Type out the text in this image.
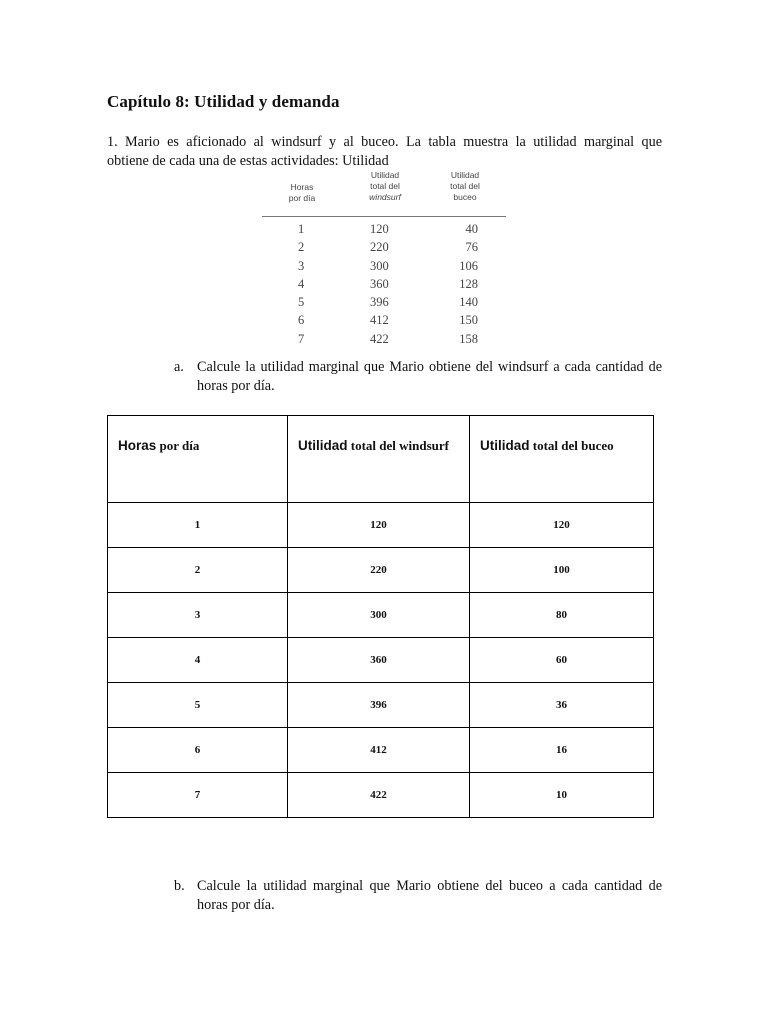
Capítulo 8: Utilidad y demanda
1. Mario es aficionado al windsurf y al buceo. La tabla muestra la utilidad marginal que
obtiene de cada una de estas actividades: Utilidad
Horas
por día
Utilidad
total del
windsurf
Utilidad
total del
buceo
1	120	40
2	220	76
3	300	106
4	360	128
5	396	140
6	412	150
7	422	158
a. Calcule la utilidad marginal que Mario obtiene del windsurf a cada cantidad de horas por día.
Horas por día	Utilidad total del windsurf	Utilidad total del buceo
1	120	120
2	220	100
3	300	80
4	360	60
5	396	36
6	412	16
7	422	10
b. Calcule la utilidad marginal que Mario obtiene del buceo a cada cantidad de horas por día.
